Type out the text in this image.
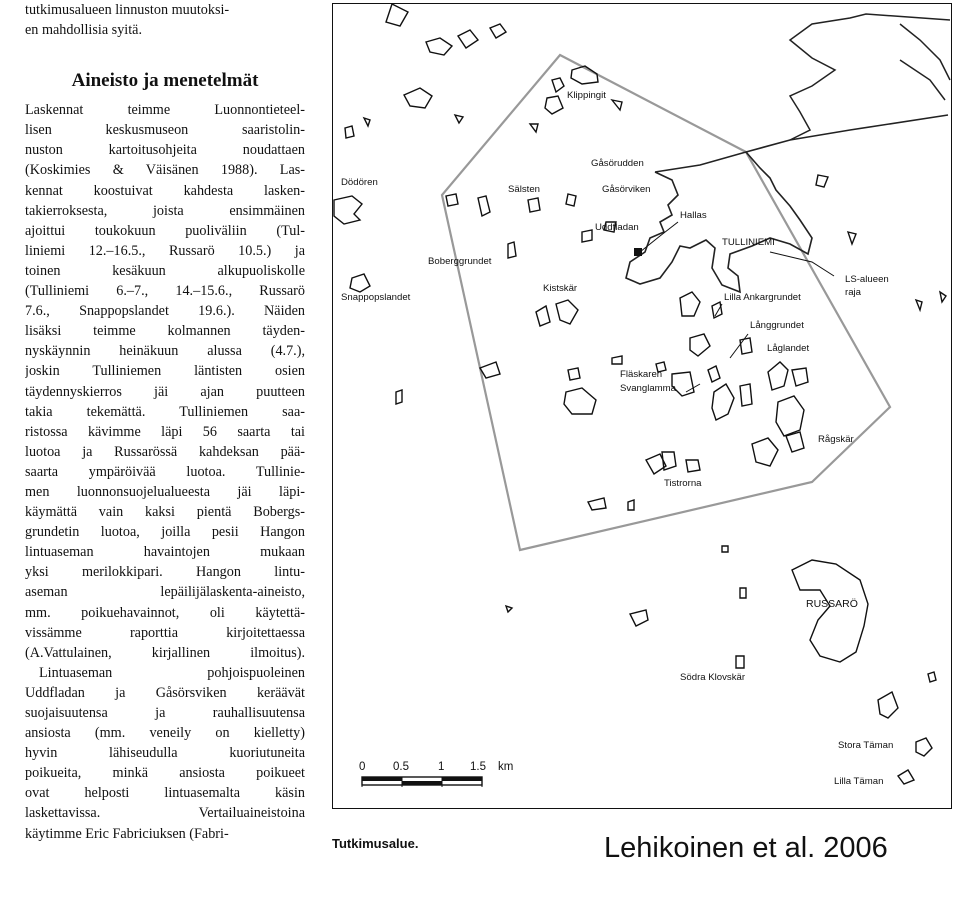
tutkimusalueen linnuston muutoksi-
en mahdollisia syitä.
Aineisto ja menetelmät
Laskennat teimme Luonnontieteel-
lisen keskusmuseon saaristolin-
nuston kartoitusohjeita noudattaen
(Koskimies & Väisänen 1988). Las-
kennat koostuivat kahdesta lasken-
takierroksesta, joista ensimmäinen
ajoittui toukokuun puoliväliin (Tul-
liniemi 12.–16.5., Russarö 10.5.) ja
toinen kesäkuun alkupuoliskolle
(Tulliniemi 6.–7., 14.–15.6., Russarö
7.6., Snappopslandet 19.6.). Näiden
lisäksi teimme kolmannen täyden-
nyskäynnin heinäkuun alussa (4.7.),
joskin Tulliniemen läntisten osien
täydennyskierros jäi ajan puutteen
takia tekemättä. Tulliniemen saa-
ristossa kävimme läpi 56 saarta tai
luotoa ja Russarössä kahdeksan pää-
saarta ympäröivää luotoa. Tullinie-
men luonnonsuojelualueesta jäi läpi-
käymättä vain kaksi pientä Bobergs-
grundetin luotoa, joilla pesii Hangon
lintuaseman havaintojen mukaan
yksi merilokkipari. Hangon lintu-
aseman lepäilijälaskenta-aineisto,
mm. poikuehavainnot, oli käytettä-
vissämme raporttia kirjoitettaessa
(A.Vattulainen, kirjallinen ilmoitus).
Lintuaseman pohjoispuoleinen
Uddfladan ja Gåsörsviken keräävät
suojaisuutensa ja rauhallisuutensa
ansiosta (mm. veneily on kielletty)
hyvin lähiseudulla kuoriutuneita
poikueita, minkä ansiosta poikueet
ovat helposti lintuasemalta käsin
laskettavissa. Vertailuaineistoina
käytimme Eric Fabriciuksen (Fabri-
Klippingit
Dödören
Gåsörudden
Gåsörviken
Sälsten
Uddfladan
Hallas
TULLINIEMI
Boberggrundet
LS-alueen
raja
Snappopslandet
Kistskär
Lilla Ankargrundet
Långgrundet
Låglandet
Fläskaren
Svanglamma
Rågskär
Tistrorna
RUSSARÖ
Södra Klovskär
Stora Täman
Lilla Täman
0 0.5	1 1.5 km
Tutkimusalue.	Lehikoinen et al. 2006
